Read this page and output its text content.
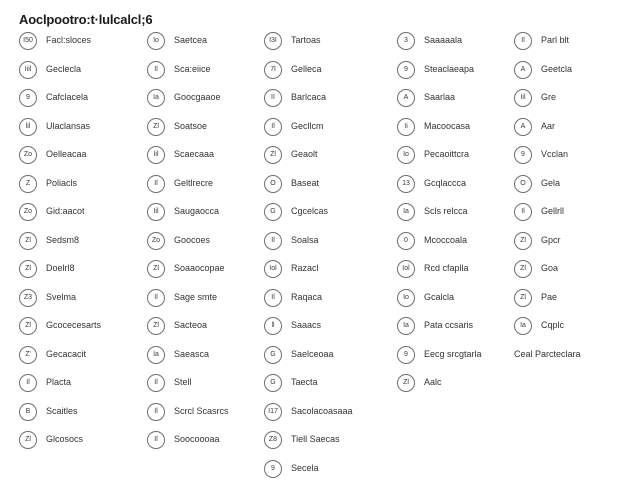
Aoclpootro:t·lulcalcl;6
I50	Facl:sloces
Iiil	Geclecla
9	Cafclacela
lil	Ulaclansas
Zo	Oelleacaa
Z	Poliacls
Zo	Gid:aacot
Zl	Sedsm8
Zl	Doelrl8
Z3	Svelma
Zl	Gcocecesarts
Z'	Gecacacit
Il	Placta
B	Scaitles
Zl	Glcosocs
Io	Saetcea
Il	Sca:eiice
Ia	Goocgaaoe
Zl	Soatsoe
Iil	Scaecaaa
Il	Geltlrecre
Iil	Saugaocca
Zo	Goocoes
Zl	Soaaocopae
Il	Sage smte
Zl	Sacteoa
Ia	Saeasca
Il	Stell
Il	Scrcl Scasrcs
Il	Soocoooaa
I3I	Tartoas
7l	Gelleca
II	Barlcaca
Il	Gecllcm
Zl	Geaolt
O	Baseat
G	Cgcelcas
Il	Soalsa
Iol	Razacl
Il	Raqaca
ll	Saaacs
G	Saelceoaa
G	Taecta
I17	Sacolacoasaaa
Z8	Tiell Saecas
9	Secela
3	Saaaaala
9	Steaclaeapa
A	Saarlaa
Ii	Macoocasa
Io	Pecaoittcra
13	Gcqlaccca
Ia	Scls relcca
0	Mcoccoala
Iol	Rcd cfaplla
Io	Gcalcla
Ia	Pata ccsaris
9	Eecg srcgtarla
Zl	Aalc
Il	Parl blt
A	Geetcla
Iil	Gre
A	Aar
9	Vcclan
O	Gela
Il	Gellrll
Zl	Gpcr
Zl	Goa
Zl	Pae
Ia	Cqplc
Ceal Parcteclara
